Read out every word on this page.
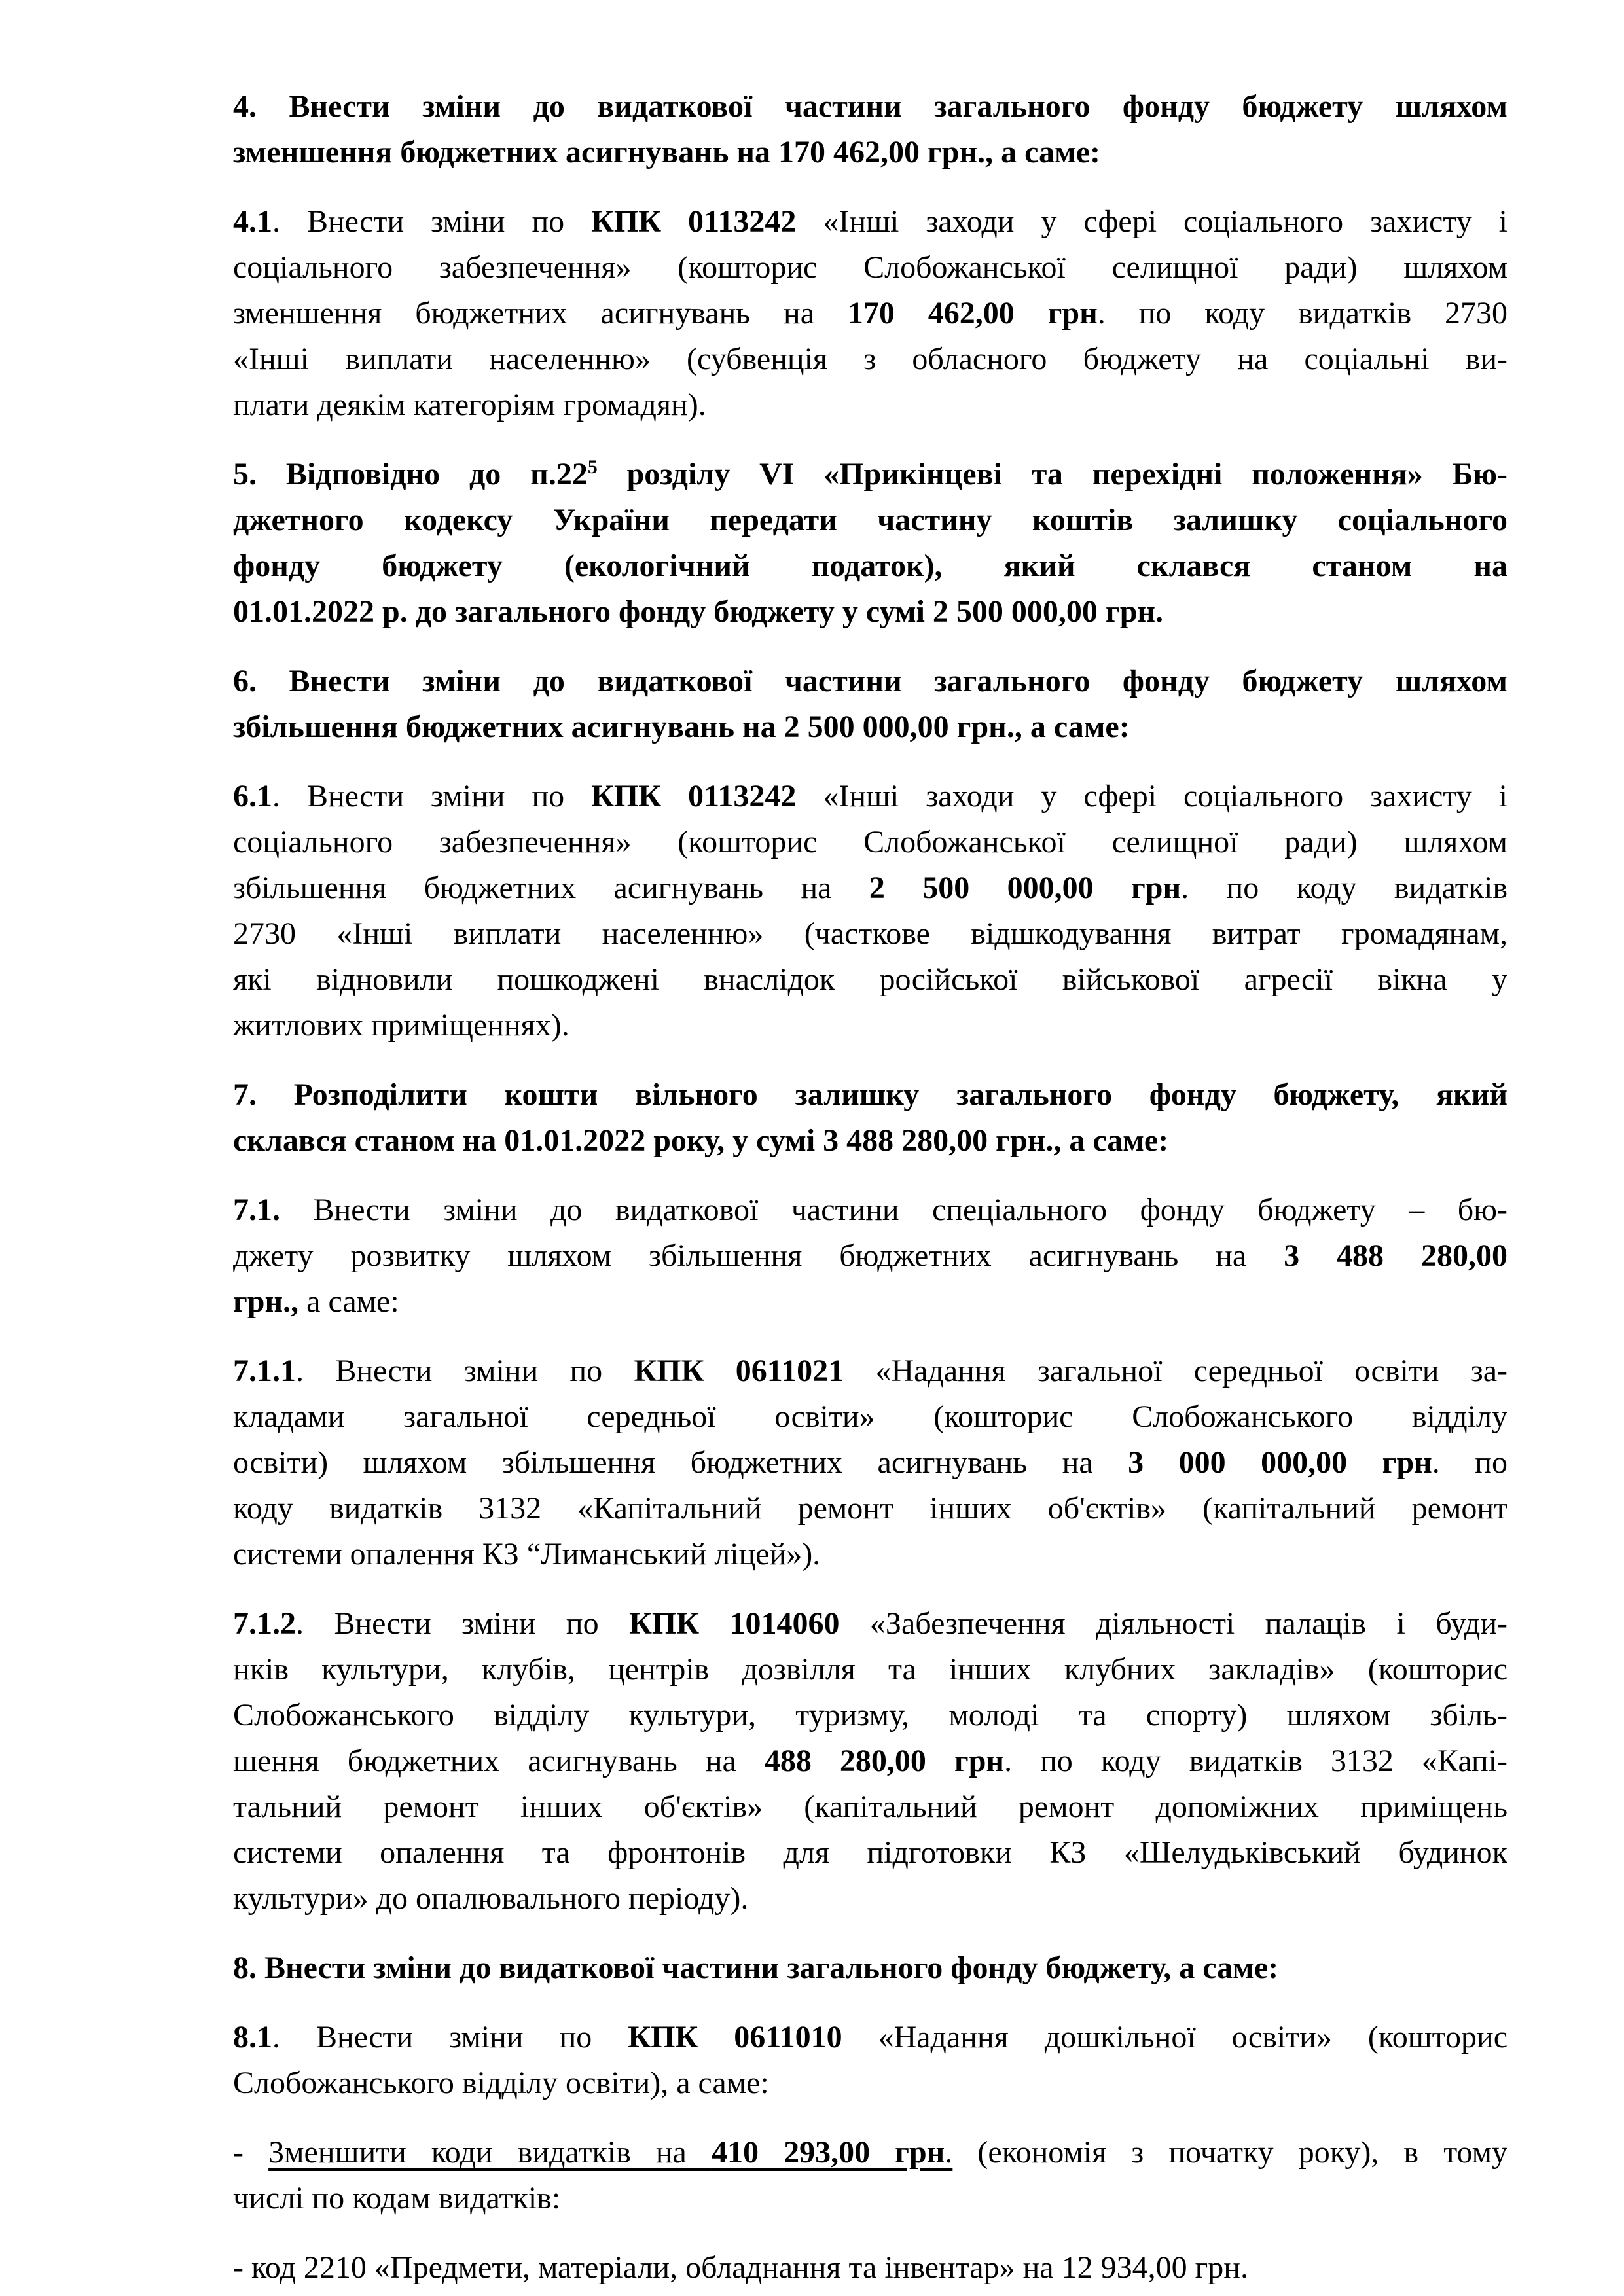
4. Внести зміни до видаткової частини загального фонду бюджету шляхом
зменшення бюджетних асигнувань на 170 462,00 грн., а саме:
4.1. Внести зміни по КПК 0113242 «Інші заходи у сфері соціального захисту і
соціального забезпечення» (кошторис Слобожанської селищної ради) шляхом
зменшення бюджетних асигнувань на 170 462,00 грн. по коду видатків 2730
«Інші виплати населенню» (субвенція з обласного бюджету на соціальні ви-
плати деякім категоріям громадян).
5. Відповідно до $п.22^5$ розділу VI «Прикінцеві та перехідні положення» Бю-
джетного кодексу України передати частину коштів залишку соціального
фонду бюджету (екологічний податок), який склався станом на
01.01.2022 р. до загального фонду бюджету у сумі 2 500 000,00 грн.
6. Внести зміни до видаткової частини загального фонду бюджету шляхом
збільшення бюджетних асигнувань на 2 500 000,00 грн., а саме:
6.1. Внести зміни по КПК 0113242 «Інші заходи у сфері соціального захисту і
соціального забезпечення» (кошторис Слобожанської селищної ради) шляхом
збільшення бюджетних асигнувань на 2 500 000,00 грн. по коду видатків
2730 «Інші виплати населенню» (часткове відшкодування витрат громадянам,
які відновили пошкоджені внаслідок російської військової агресії вікна у
житлових приміщеннях).
7. Розподілити кошти вільного залишку загального фонду бюджету, який
склався станом на 01.01.2022 року, у сумі 3 488 280,00 грн., а саме:
7.1. Внести зміни до видаткової частини спеціального фонду бюджету – бю-
джету розвитку шляхом збільшення бюджетних асигнувань на 3 488 280,00
грн., а саме:
7.1.1. Внести зміни по КПК 0611021 «Надання загальної середньої освіти за-
кладами загальної середньої освіти» (кошторис Слобожанського відділу
освіти) шляхом збільшення бюджетних асигнувань на 3 000 000,00 грн. по
коду видатків 3132 «Капітальний ремонт інших об'єктів» (капітальний ремонт
системи опалення КЗ “Лиманський ліцей»).
7.1.2. Внести зміни по КПК 1014060 «Забезпечення діяльності палаців і буди-
нків культури, клубів, центрів дозвілля та інших клубних закладів» (кошторис
Слобожанського відділу культури, туризму, молоді та спорту) шляхом збіль-
шення бюджетних асигнувань на 488 280,00 грн. по коду видатків 3132 «Капі-
тальний ремонт інших об'єктів» (капітальний ремонт допоміжних приміщень
системи опалення та фронтонів для підготовки КЗ «Шелудьківський будинок
культури» до опалювального періоду).
8. Внести зміни до видаткової частини загального фонду бюджету, а саме:
8.1. Внести зміни по КПК 0611010 «Надання дошкільної освіти» (кошторис
Слобожанського відділу освіти), а саме:
- Зменшити коди видатків на 410 293,00 грн. (економія з початку року), в тому
числі по кодам видатків:
- код 2210 «Предмети, матеріали, обладнання та інвентар» на 12 934,00 грн.
